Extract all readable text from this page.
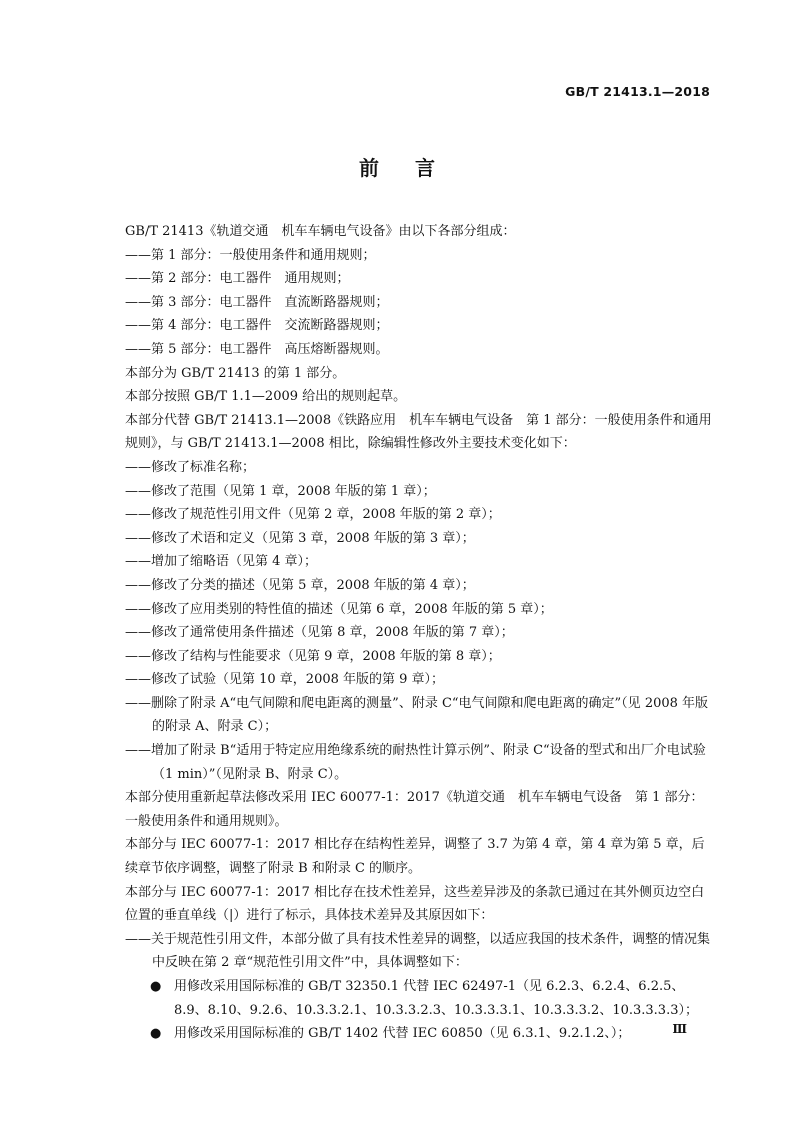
GB/T 21413.1—2018
前言
GB/T 21413《轨道交通　机车车辆电气设备》由以下各部分组成：
——第 1 部分：一般使用条件和通用规则；
——第 2 部分：电工器件　通用规则；
——第 3 部分：电工器件　直流断路器规则；
——第 4 部分：电工器件　交流断路器规则；
——第 5 部分：电工器件　高压熔断器规则。
本部分为 GB/T 21413 的第 1 部分。
本部分按照 GB/T 1.1—2009 给出的规则起草。
本部分代替 GB/T 21413.1—2008《铁路应用　机车车辆电气设备　第 1 部分：一般使用条件和通用规则》，与 GB/T 21413.1—2008 相比，除编辑性修改外主要技术变化如下：
——修改了标准名称；
——修改了范围（见第 1 章，2008 年版的第 1 章）；
——修改了规范性引用文件（见第 2 章，2008 年版的第 2 章）；
——修改了术语和定义（见第 3 章，2008 年版的第 3 章）；
——增加了缩略语（见第 4 章）；
——修改了分类的描述（见第 5 章，2008 年版的第 4 章）；
——修改了应用类别的特性值的描述（见第 6 章，2008 年版的第 5 章）；
——修改了通常使用条件描述（见第 8 章，2008 年版的第 7 章）；
——修改了结构与性能要求（见第 9 章，2008 年版的第 8 章）；
——修改了试验（见第 10 章，2008 年版的第 9 章）；
——删除了附录 A“电气间隙和爬电距离的测量”、附录 C“电气间隙和爬电距离的确定”（见 2008 年版的附录 A、附录 C）；
——增加了附录 B“适用于特定应用绝缘系统的耐热性计算示例”、附录 C“设备的型式和出厂介电试验（1 min）”（见附录 B、附录 C）。
本部分使用重新起草法修改采用 IEC 60077-1：2017《轨道交通　机车车辆电气设备　第 1 部分：一般使用条件和通用规则》。
本部分与 IEC 60077-1：2017 相比存在结构性差异，调整了 3.7 为第 4 章，第 4 章为第 5 章，后续章节依序调整，调整了附录 B 和附录 C 的顺序。
本部分与 IEC 60077-1：2017 相比存在技术性差异，这些差异涉及的条款已通过在其外侧页边空白位置的垂直单线（|）进行了标示，具体技术差异及其原因如下：
——关于规范性引用文件，本部分做了具有技术性差异的调整，以适应我国的技术条件，调整的情况集中反映在第 2 章“规范性引用文件”中，具体调整如下：
● 用修改采用国际标准的 GB/T 32350.1 代替 IEC 62497-1（见 6.2.3、6.2.4、6.2.5、8.9、8.10、9.2.6、10.3.3.2.1、10.3.3.2.3、10.3.3.3.1、10.3.3.3.2、10.3.3.3.3）；
● 用修改采用国际标准的 GB/T 1402 代替 IEC 60850（见 6.3.1、9.2.1.2、）；	Ⅲ
